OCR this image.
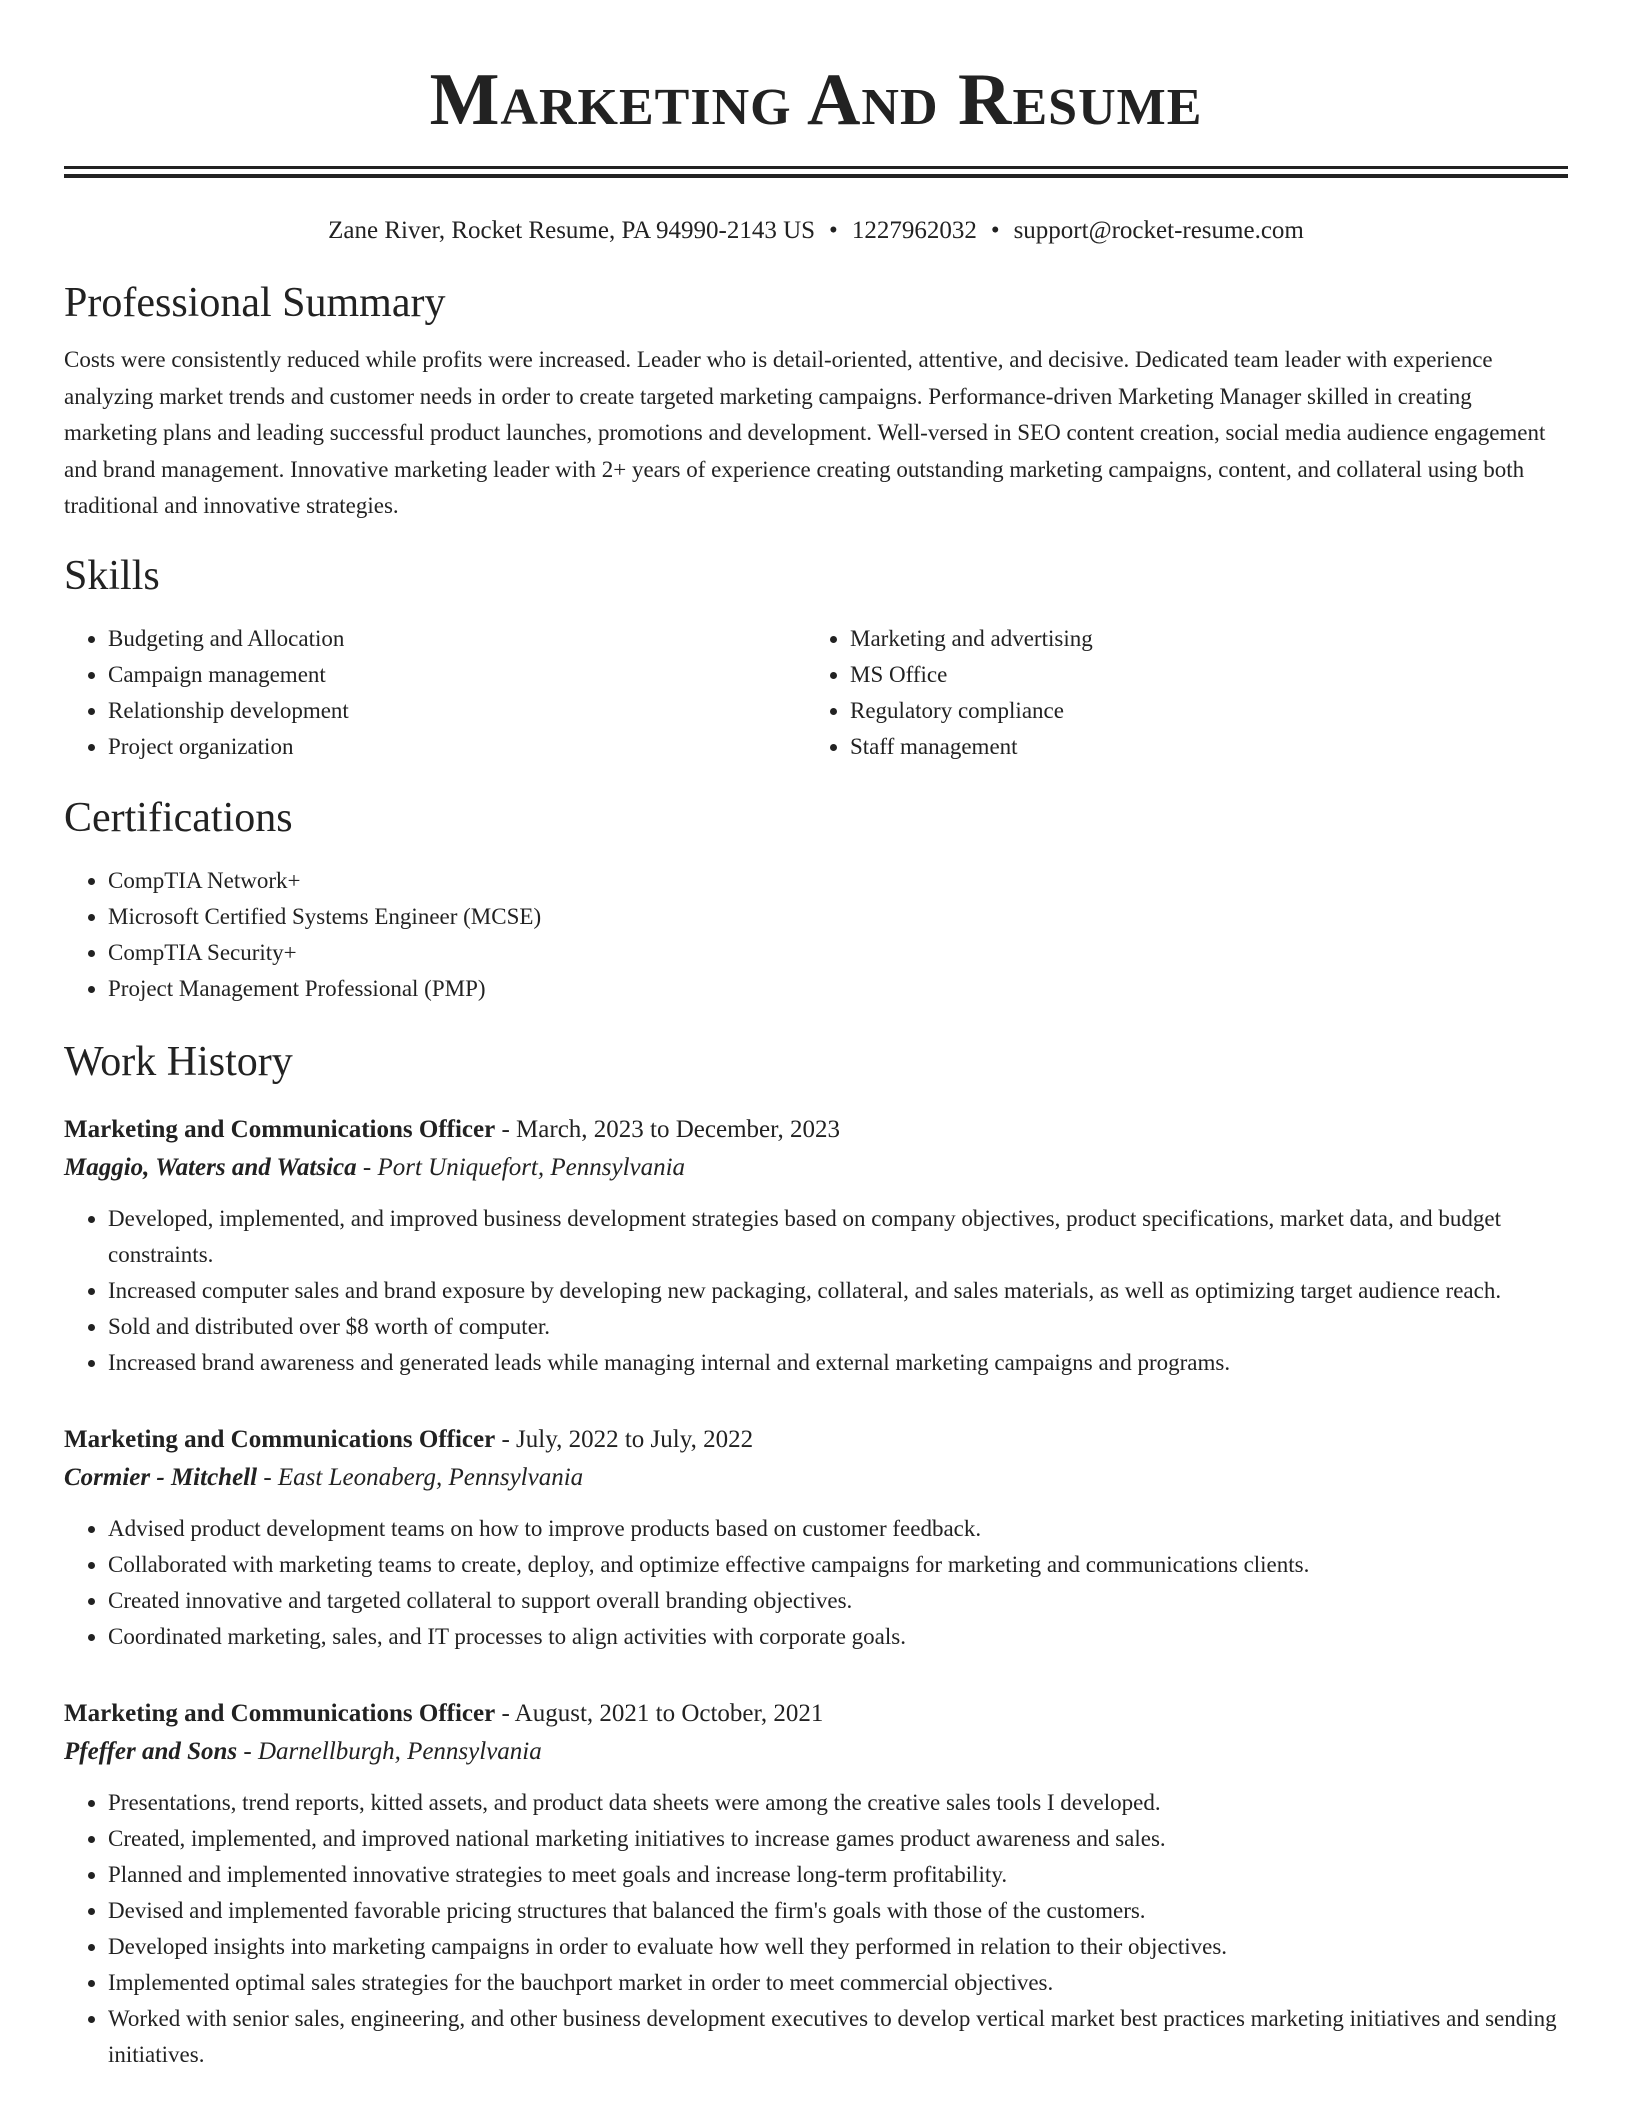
Marketing And Resume
Zane River, Rocket Resume, PA 94990-2143 US • 1227962032 • support@rocket-resume.com
Professional Summary
Costs were consistently reduced while profits were increased. Leader who is detail-oriented, attentive, and decisive. Dedicated team leader with experience analyzing market trends and customer needs in order to create targeted marketing campaigns. Performance-driven Marketing Manager skilled in creating marketing plans and leading successful product launches, promotions and development. Well-versed in SEO content creation, social media audience engagement and brand management. Innovative marketing leader with 2+ years of experience creating outstanding marketing campaigns, content, and collateral using both traditional and innovative strategies.
Skills
• Budgeting and Allocation
• Campaign management
• Relationship development
• Project organization
• Marketing and advertising
• MS Office
• Regulatory compliance
• Staff management
Certifications
• CompTIA Network+
• Microsoft Certified Systems Engineer (MCSE)
• CompTIA Security+
• Project Management Professional (PMP)
Work History
Marketing and Communications Officer - March, 2023 to December, 2023
Maggio, Waters and Watsica - Port Uniquefort, Pennsylvania
• Developed, implemented, and improved business development strategies based on company objectives, product specifications, market data, and budget constraints.
• Increased computer sales and brand exposure by developing new packaging, collateral, and sales materials, as well as optimizing target audience reach.
• Sold and distributed over $8 worth of computer.
• Increased brand awareness and generated leads while managing internal and external marketing campaigns and programs.
Marketing and Communications Officer - July, 2022 to July, 2022
Cormier - Mitchell - East Leonaberg, Pennsylvania
• Advised product development teams on how to improve products based on customer feedback.
• Collaborated with marketing teams to create, deploy, and optimize effective campaigns for marketing and communications clients.
• Created innovative and targeted collateral to support overall branding objectives.
• Coordinated marketing, sales, and IT processes to align activities with corporate goals.
Marketing and Communications Officer - August, 2021 to October, 2021
Pfeffer and Sons - Darnellburgh, Pennsylvania
• Presentations, trend reports, kitted assets, and product data sheets were among the creative sales tools I developed.
• Created, implemented, and improved national marketing initiatives to increase games product awareness and sales.
• Planned and implemented innovative strategies to meet goals and increase long-term profitability.
• Devised and implemented favorable pricing structures that balanced the firm's goals with those of the customers.
• Developed insights into marketing campaigns in order to evaluate how well they performed in relation to their objectives.
• Implemented optimal sales strategies for the bauchport market in order to meet commercial objectives.
• Worked with senior sales, engineering, and other business development executives to develop vertical market best practices marketing initiatives and sending initiatives.
